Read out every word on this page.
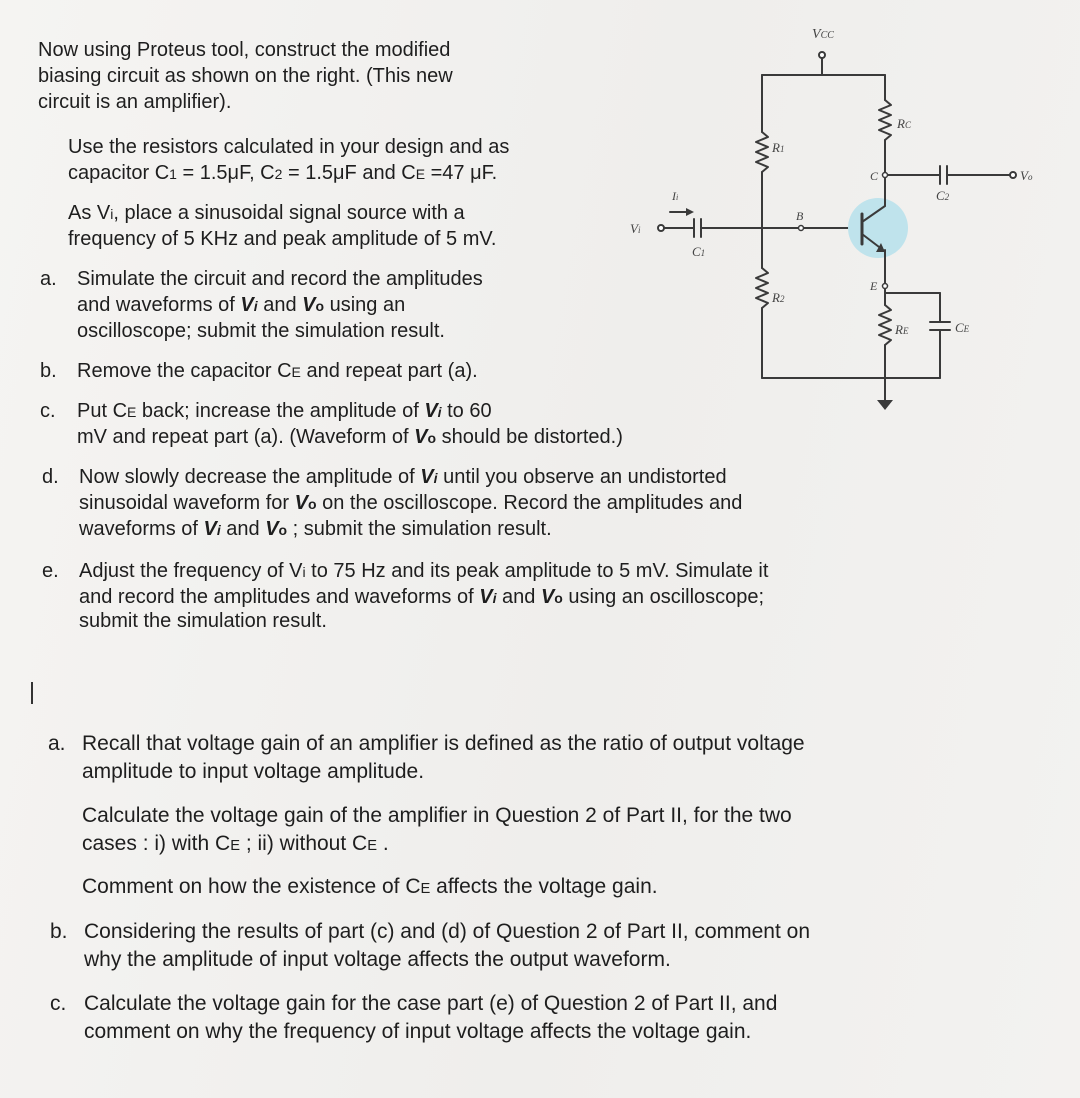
Now using Proteus tool, construct the modified

biasing circuit as shown on the right. (This new

circuit is an amplifier).

Use the resistors calculated in your design and as

capacitor C1 = 1.5μF, C2 = 1.5μF and CE =47 μF.

As Vi, place a sinusoidal signal source with a

frequency of 5 KHz and peak amplitude of 5 mV.

a. Simulate the circuit and record the amplitudes

and waveforms of Vi and Vo using an

oscilloscope; submit the simulation result.

b. Remove the capacitor CE and repeat part (a).

c. Put CE back; increase the amplitude of Vi to 60

mV and repeat part (a). (Waveform of Vo should be distorted.)

d. Now slowly decrease the amplitude of Vi until you observe an undistorted

sinusoidal waveform for Vo on the oscilloscope. Record the amplitudes and

waveforms of Vi and Vo ; submit the simulation result.

e. Adjust the frequency of Vi to 75 Hz and its peak amplitude to 5 mV. Simulate it

and record the amplitudes and waveforms of Vi and Vo using an oscilloscope;

submit the simulation result.

a. Recall that voltage gain of an amplifier is defined as the ratio of output voltage

amplitude to input voltage amplitude.

Calculate the voltage gain of the amplifier in Question 2 of Part II, for the two

cases : i) with CE ; ii) without CE .

Comment on how the existence of CE affects the voltage gain.

b. Considering the results of part (c) and (d) of Question 2 of Part II, comment on

why the amplitude of input voltage affects the output waveform.

c. Calculate the voltage gain for the case part (e) of Question 2 of Part II, and

comment on why the frequency of input voltage affects the voltage gain.

VCC
R1
R2
RC
RE	CE
C1
C2
B
C
E
Vi
Vo
Ii
